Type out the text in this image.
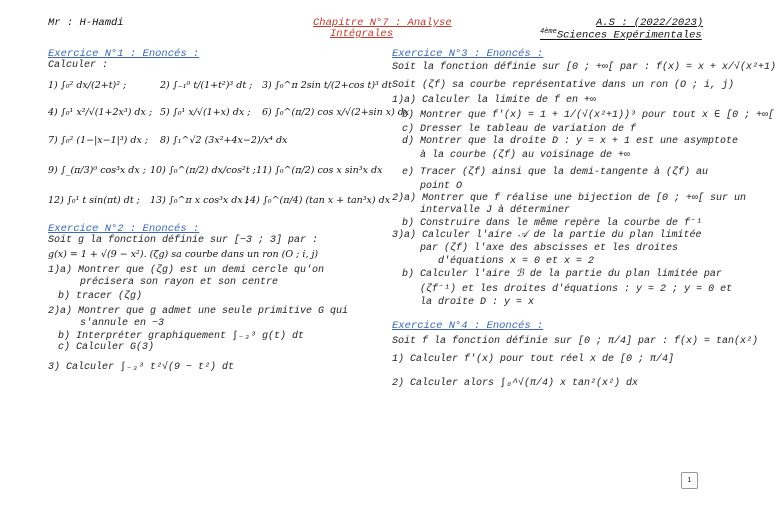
Mr : H-Hamdi	Chapitre N°7 : Analyse
Intégrales
A.S : (2022/2023)
$^{4ème}$Sciences Expérimentales
Exercice N°1 : Enoncés :
Calculer :
1) ∫₀² dx/(2+t)² ;	2) ∫₋₁⁰ t/(1+t²)³ dt ; 3) ∫₀^π 2sin t/(2+cos t)³ dt
4) ∫₀¹ x²/√(1+2x³) dx ; 5) ∫₀¹ x/√(1+x) dx ; 6) ∫₀^(π/2) cos x/√(2+sin x) dx
7) ∫₀² (1−|x−1|³) dx ; 8) ∫₁^√2 (3x²+4x−2)/x⁴ dx
9) ∫_(π/3)⁰ cos³x dx ; 10) ∫₀^(π/2) dx/cos²t ; 11) ∫₀^(π/2) cos x sin³x dx
12) ∫₀¹ t sin(πt) dt ; 13) ∫₀^π x cos³x dx ;
14) ∫₀^(π/4) (tan x + tan³x) dx
Exercice N°2 : Enoncés :
Soit g la fonction définie sur [−3 ; 3] par :
g(x) = 1 + √(9 − x²). (ζg) sa courbe dans un ron (O ; i, j)
1)a) Montrer que (ζg) est un demi cercle qu'on
précisera son rayon et son centre
b) tracer (ζg)
2)a) Montrer que g admet une seule primitive G qui
s'annule en −3
b) Interpréter graphiquement ∫₋₃³ g(t) dt
c) Calculer G(3)
3) Calculer ∫₋₃³ t²√(9 − t²) dt
Exercice N°3 : Enoncés :
Soit la fonction définie sur [0 ; +∞[ par : f(x) = x + x/√(x²+1)
Soit (ζf) sa courbe représentative dans un ron (O ; i, j)
1)a) Calculer la limite de f en +∞
b) Montrer que f′(x) = 1 + 1/(√(x²+1))³ pour tout x ∈ [0 ; +∞[
c) Dresser le tableau de variation de f
d) Montrer que la droite D : y = x + 1 est une asymptote
à la courbe (ζf) au voisinage de +∞
e) Tracer (ζf) ainsi que la demi-tangente à (ζf) au
point O
2)a) Montrer que f réalise une bijection de [0 ; +∞[ sur un
intervalle J à déterminer
b) Construire dans le même repère la courbe de f⁻¹
3)a) Calculer l'aire 𝒜 de la partie du plan limitée
par (ζf) l'axe des abscisses et les droites
d'équations x = 0 et x = 2
b) Calculer l'aire ℬ de la partie du plan limitée par
(ζf⁻¹) et les droites d'équations : y = 2 ; y = 0 et
la droite D : y = x
Exercice N°4 : Enoncés :
Soit f la fonction définie sur [0 ; π/4] par : f(x) = tan(x²)
1) Calculer f′(x) pour tout réel x de [0 ; π/4]
2) Calculer alors ∫₀^√(π/4) x tan²(x²) dx
1
